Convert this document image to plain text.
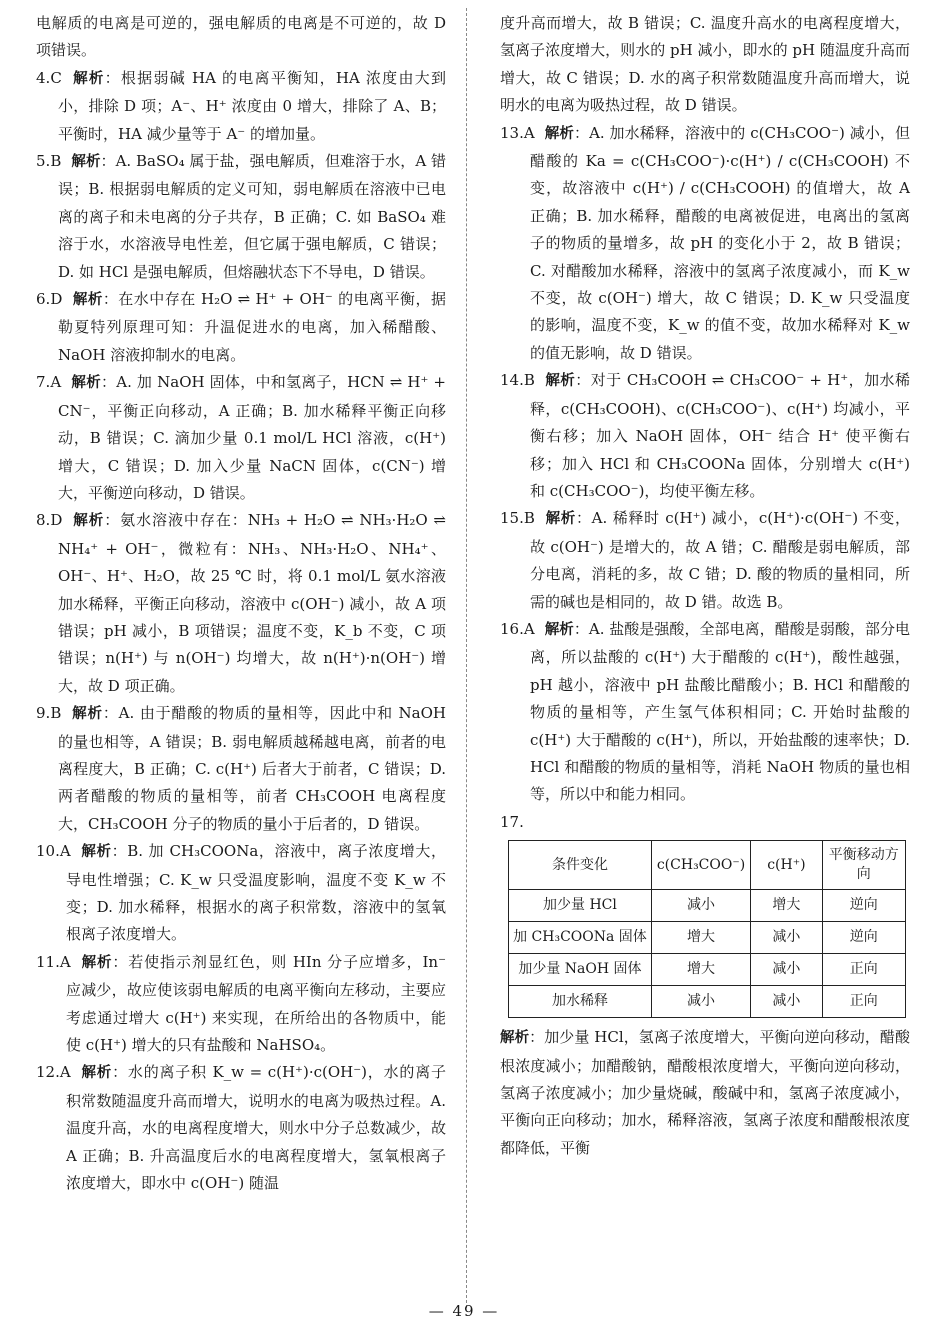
电解质的电离是可逆的，强电解质的电离是不可逆的，故 D 项错误。

4.C 解析：根据弱碱 HA 的电离平衡知，HA 浓度由大到小，排除 D 项；A⁻、H⁺ 浓度由 0 增大，排除了 A、B；平衡时，HA 减少量等于 A⁻ 的增加量。

5.B 解析：A. BaSO₄ 属于盐，强电解质，但难溶于水，A 错误；B. 根据弱电解质的定义可知，弱电解质在溶液中已电离的离子和未电离的分子共存，B 正确；C. 如 BaSO₄ 难溶于水，水溶液导电性差，但它属于强电解质，C 错误；D. 如 HCl 是强电解质，但熔融状态下不导电，D 错误。

6.D 解析：在水中存在 H₂O ⇌ H⁺ + OH⁻ 的电离平衡，据勒夏特列原理可知：升温促进水的电离，加入稀醋酸、NaOH 溶液抑制水的电离。

7.A 解析：A. 加 NaOH 固体，中和氢离子，HCN ⇌ H⁺ + CN⁻，平衡正向移动，A 正确；B. 加水稀释平衡正向移动，B 错误；C. 滴加少量 0.1 mol/L HCl 溶液，c(H⁺) 增大，C 错误；D. 加入少量 NaCN 固体，c(CN⁻) 增大，平衡逆向移动，D 错误。

8.D 解析：氨水溶液中存在：NH₃ + H₂O ⇌ NH₃·H₂O ⇌ NH₄⁺ + OH⁻，微粒有：NH₃、NH₃·H₂O、NH₄⁺、OH⁻、H⁺、H₂O，故 25 ℃ 时，将 0.1 mol/L 氨水溶液加水稀释，平衡正向移动，溶液中 c(OH⁻) 减小，故 A 项错误；pH 减小，B 项错误；温度不变，K_b 不变，C 项错误；n(H⁺) 与 n(OH⁻) 均增大，故 n(H⁺)·n(OH⁻) 增大，故 D 项正确。

9.B 解析：A. 由于醋酸的物质的量相等，因此中和 NaOH 的量也相等，A 错误；B. 弱电解质越稀越电离，前者的电离程度大，B 正确；C. c(H⁺) 后者大于前者，C 错误；D. 两者醋酸的物质的量相等，前者 CH₃COOH 电离程度大，CH₃COOH 分子的物质的量小于后者的，D 错误。

10.A 解析：B. 加 CH₃COONa，溶液中，离子浓度增大，导电性增强；C. K_w 只受温度影响，温度不变 K_w 不变；D. 加水稀释，根据水的离子积常数，溶液中的氢氧根离子浓度增大。

11.A 解析：若使指示剂显红色，则 HIn 分子应增多，In⁻ 应减少，故应使该弱电解质的电离平衡向左移动，主要应考虑通过增大 c(H⁺) 来实现，在所给出的各物质中，能使 c(H⁺) 增大的只有盐酸和 NaHSO₄。

12.A 解析：水的离子积 K_w = c(H⁺)·c(OH⁻)，水的离子积常数随温度升高而增大，说明水的电离为吸热过程。A. 温度升高，水的电离程度增大，则水中分子总数减少，故 A 正确；B. 升高温度后水的电离程度增大，氢氧根离子浓度增大，即水中 c(OH⁻) 随温

度升高而增大，故 B 错误；C. 温度升高水的电离程度增大，氢离子浓度增大，则水的 pH 减小，即水的 pH 随温度升高而增大，故 C 错误；D. 水的离子积常数随温度升高而增大，说明水的电离为吸热过程，故 D 错误。

13.A 解析：A. 加水稀释，溶液中的 c(CH₃COO⁻) 减小，但醋酸的 Ka = c(CH₃COO⁻)·c(H⁺) / c(CH₃COOH) 不变，故溶液中 c(H⁺) / c(CH₃COOH) 的值增大，故 A 正确；B. 加水稀释，醋酸的电离被促进，电离出的氢离子的物质的量增多，故 pH 的变化小于 2，故 B 错误；C. 对醋酸加水稀释，溶液中的氢离子浓度减小，而 K_w 不变，故 c(OH⁻) 增大，故 C 错误；D. K_w 只受温度的影响，温度不变，K_w 的值不变，故加水稀释对 K_w 的值无影响，故 D 错误。

14.B 解析：对于 CH₃COOH ⇌ CH₃COO⁻ + H⁺，加水稀释，c(CH₃COOH)、c(CH₃COO⁻)、c(H⁺) 均减小，平衡右移；加入 NaOH 固体，OH⁻ 结合 H⁺ 使平衡右移；加入 HCl 和 CH₃COONa 固体，分别增大 c(H⁺) 和 c(CH₃COO⁻)，均使平衡左移。

15.B 解析：A. 稀释时 c(H⁺) 减小，c(H⁺)·c(OH⁻) 不变，故 c(OH⁻) 是增大的，故 A 错；C. 醋酸是弱电解质，部分电离，消耗的多，故 C 错；D. 酸的物质的量相同，所需的碱也是相同的，故 D 错。故选 B。

16.A 解析：A. 盐酸是强酸，全部电离，醋酸是弱酸，部分电离，所以盐酸的 c(H⁺) 大于醋酸的 c(H⁺)，酸性越强，pH 越小，溶液中 pH 盐酸比醋酸小；B. HCl 和醋酸的物质的量相等，产生氢气体积相同；C. 开始时盐酸的 c(H⁺) 大于醋酸的 c(H⁺)，所以，开始盐酸的速率快；D. HCl 和醋酸的物质的量相等，消耗 NaOH 物质的量也相等，所以中和能力相同。

17.

条件变化	c(CH₃COO⁻)	c(H⁺)	平衡移动方向
加少量 HCl	减小	增大	逆向
加 CH₃COONa 固体	增大	减小	逆向
加少量 NaOH 固体	增大	减小	正向
加水稀释	减小	减小	正向

解析：加少量 HCl，氢离子浓度增大，平衡向逆向移动，醋酸根浓度减小；加醋酸钠，醋酸根浓度增大，平衡向逆向移动，氢离子浓度减小；加少量烧碱，酸碱中和，氢离子浓度减小，平衡向正向移动；加水，稀释溶液，氢离子浓度和醋酸根浓度都降低，平衡

— 49 —
